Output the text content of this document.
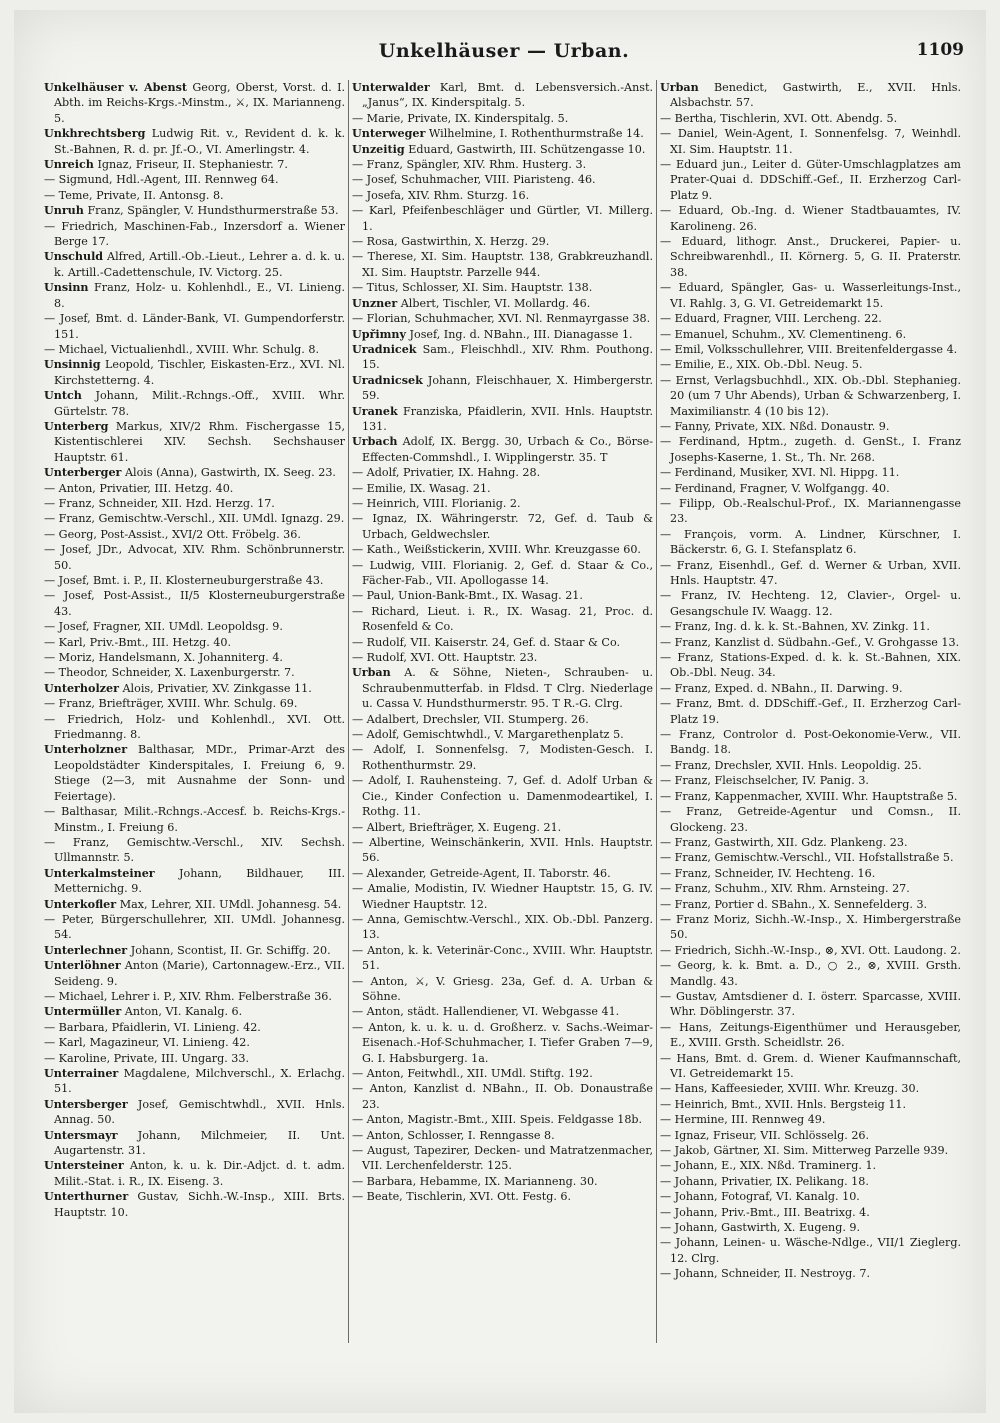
Unkelhäuser — Urban.	1109
Unkelhäuser v. Abenst Georg, Oberst, Vorst. d. I. Abth. im Reichs-Krgs.-Minstm., ⚔, IX. Marianneng. 5.
Unkhrechtsberg Ludwig Rit. v., Revident d. k. k. St.-Bahnen, R. d. pr. Jf.-O., VI. Amerlingstr. 4.
Unreich Ignaz, Friseur, II. Stephaniestr. 7.
— Sigmund, Hdl.-Agent, III. Rennweg 64.
— Teme, Private, II. Antonsg. 8.
Unruh Franz, Spängler, V. Hundsthurmerstraße 53.
— Friedrich, Maschinen-Fab., Inzersdorf a. Wiener Berge 17.
Unschuld Alfred, Artill.-Ob.-Lieut., Lehrer a. d. k. u. k. Artill.-Cadettenschule, IV. Victorg. 25.
Unsinn Franz, Holz- u. Kohlenhdl., E., VI. Linieng. 8.
— Josef, Bmt. d. Länder-Bank, VI. Gumpendorferstr. 151.
— Michael, Victualienhdl., XVIII. Whr. Schulg. 8.
Unsinnig Leopold, Tischler, Eiskasten-Erz., XVI. Nl. Kirchstetterng. 4.
Untch Johann, Milit.-Rchngs.-Off., XVIII. Whr. Gürtelstr. 78.
Unterberg Markus, XIV/2 Rhm. Fischergasse 15, Kistentischlerei XIV. Sechsh. Sechshauser Hauptstr. 61.
Unterberger Alois (Anna), Gastwirth, IX. Seeg. 23.
— Anton, Privatier, III. Hetzg. 40.
— Franz, Schneider, XII. Hzd. Herzg. 17.
— Franz, Gemischtw.-Verschl., XII. UMdl. Ignazg. 29.
— Georg, Post-Assist., XVI/2 Ott. Fröbelg. 36.
— Josef, JDr., Advocat, XIV. Rhm. Schönbrunnerstr. 50.
— Josef, Bmt. i. P., II. Klosterneuburgerstraße 43.
— Josef, Post-Assist., II/5 Klosterneuburgerstraße 43.
— Josef, Fragner, XII. UMdl. Leopoldsg. 9.
— Karl, Priv.-Bmt., III. Hetzg. 40.
— Moriz, Handelsmann, X. Johanniterg. 4.
— Theodor, Schneider, X. Laxenburgerstr. 7.
Unterholzer Alois, Privatier, XV. Zinkgasse 11.
— Franz, Briefträger, XVIII. Whr. Schulg. 69.
— Friedrich, Holz- und Kohlenhdl., XVI. Ott. Friedmanng. 8.
Unterholzner Balthasar, MDr., Primar-Arzt des Leopoldstädter Kinderspitales, I. Freiung 6, 9. Stiege (2—3, mit Ausnahme der Sonn- und Feiertage).
— Balthasar, Milit.-Rchngs.-Accesf. b. Reichs-Krgs.-Minstm., I. Freiung 6.
— Franz, Gemischtw.-Verschl., XIV. Sechsh. Ullmannstr. 5.
Unterkalmsteiner Johann, Bildhauer, III. Metternichg. 9.
Unterkofler Max, Lehrer, XII. UMdl. Johannesg. 54.
— Peter, Bürgerschullehrer, XII. UMdl. Johannesg. 54.
Unterlechner Johann, Scontist, II. Gr. Schiffg. 20.
Unterlöhner Anton (Marie), Cartonnagew.-Erz., VII. Seideng. 9.
— Michael, Lehrer i. P., XIV. Rhm. Felberstraße 36.
Untermüller Anton, VI. Kanalg. 6.
— Barbara, Pfaidlerin, VI. Linieng. 42.
— Karl, Magazineur, VI. Linieng. 42.
— Karoline, Private, III. Ungarg. 33.
Unterrainer Magdalene, Milchverschl., X. Erlachg. 51.
Untersberger Josef, Gemischtwhdl., XVII. Hnls. Annag. 50.
Untersmayr Johann, Milchmeier, II. Unt. Augartenstr. 31.
Untersteiner Anton, k. u. k. Dir.-Adjct. d. t. adm. Milit.-Stat. i. R., IX. Eiseng. 3.
Unterthurner Gustav, Sichh.-W.-Insp., XIII. Brts. Hauptstr. 10.
Unterwalder Karl, Bmt. d. Lebensversich.-Anst. „Janus“, IX. Kinderspitalg. 5.
— Marie, Private, IX. Kinderspitalg. 5.
Unterweger Wilhelmine, I. Rothenthurmstraße 14.
Unzeitig Eduard, Gastwirth, III. Schützengasse 10.
— Franz, Spängler, XIV. Rhm. Husterg. 3.
— Josef, Schuhmacher, VIII. Piaristeng. 46.
— Josefa, XIV. Rhm. Sturzg. 16.
— Karl, Pfeifenbeschläger und Gürtler, VI. Millerg. 1.
— Rosa, Gastwirthin, X. Herzg. 29.
— Therese, XI. Sim. Hauptstr. 138, Grabkreuzhandl. XI. Sim. Hauptstr. Parzelle 944.
— Titus, Schlosser, XI. Sim. Hauptstr. 138.
Unzner Albert, Tischler, VI. Mollardg. 46.
— Florian, Schuhmacher, XVI. Nl. Renmayrgasse 38.
Upřimny Josef, Ing. d. NBahn., III. Dianagasse 1.
Uradnicek Sam., Fleischhdl., XIV. Rhm. Pouthong. 15.
Uradnicsek Johann, Fleischhauer, X. Himbergerstr. 59.
Uranek Franziska, Pfaidlerin, XVII. Hnls. Hauptstr. 131.
Urbach Adolf, IX. Bergg. 30, Urbach & Co., Börse-Effecten-Commshdl., I. Wipplingerstr. 35. T
— Adolf, Privatier, IX. Hahng. 28.
— Emilie, IX. Wasag. 21.
— Heinrich, VIII. Florianig. 2.
— Ignaz, IX. Währingerstr. 72, Gef. d. Taub & Urbach, Geldwechsler.
— Kath., Weißstickerin, XVIII. Whr. Kreuzgasse 60.
— Ludwig, VIII. Florianig. 2, Gef. d. Staar & Co., Fächer-Fab., VII. Apollogasse 14.
— Paul, Union-Bank-Bmt., IX. Wasag. 21.
— Richard, Lieut. i. R., IX. Wasag. 21, Proc. d. Rosenfeld & Co.
— Rudolf, VII. Kaiserstr. 24, Gef. d. Staar & Co.
— Rudolf, XVI. Ott. Hauptstr. 23.
Urban A. & Söhne, Nieten-, Schrauben- u. Schraubenmutterfab. in Fldsd. T Clrg. Niederlage u. Cassa V. Hundsthurmerstr. 95. T R.-G. Clrg.
— Adalbert, Drechsler, VII. Stumperg. 26.
— Adolf, Gemischtwhdl., V. Margarethenplatz 5.
— Adolf, I. Sonnenfelsg. 7, Modisten-Gesch. I. Rothenthurmstr. 29.
— Adolf, I. Rauhensteing. 7, Gef. d. Adolf Urban & Cie., Kinder Confection u. Damenmodeartikel, I. Rothg. 11.
— Albert, Briefträger, X. Eugeng. 21.
— Albertine, Weinschänkerin, XVII. Hnls. Hauptstr. 56.
— Alexander, Getreide-Agent, II. Taborstr. 46.
— Amalie, Modistin, IV. Wiedner Hauptstr. 15, G. IV. Wiedner Hauptstr. 12.
— Anna, Gemischtw.-Verschl., XIX. Ob.-Dbl. Panzerg. 13.
— Anton, k. k. Veterinär-Conc., XVIII. Whr. Hauptstr. 51.
— Anton, ⚔, V. Griesg. 23a, Gef. d. A. Urban & Söhne.
— Anton, städt. Hallendiener, VI. Webgasse 41.
— Anton, k. u. k. u. d. Großherz. v. Sachs.-Weimar-Eisenach.-Hof-Schuhmacher, I. Tiefer Graben 7—9, G. I. Habsburgerg. 1a.
— Anton, Feitwhdl., XII. UMdl. Stiftg. 192.
— Anton, Kanzlist d. NBahn., II. Ob. Donaustraße 23.
— Anton, Magistr.-Bmt., XIII. Speis. Feldgasse 18b.
— Anton, Schlosser, I. Renngasse 8.
— August, Tapezirer, Decken- und Matratzenmacher, VII. Lerchenfelderstr. 125.
— Barbara, Hebamme, IX. Marianneng. 30.
— Beate, Tischlerin, XVI. Ott. Festg. 6.
Urban Benedict, Gastwirth, E., XVII. Hnls. Alsbachstr. 57.
— Bertha, Tischlerin, XVI. Ott. Abendg. 5.
— Daniel, Wein-Agent, I. Sonnenfelsg. 7, Weinhdl. XI. Sim. Hauptstr. 11.
— Eduard jun., Leiter d. Güter-Umschlagplatzes am Prater-Quai d. DDSchiff.-Gef., II. Erzherzog Carl-Platz 9.
— Eduard, Ob.-Ing. d. Wiener Stadtbauamtes, IV. Karolineng. 26.
— Eduard, lithogr. Anst., Druckerei, Papier- u. Schreibwarenhdl., II. Körnerg. 5, G. II. Praterstr. 38.
— Eduard, Spängler, Gas- u. Wasserleitungs-Inst., VI. Rahlg. 3, G. VI. Getreidemarkt 15.
— Eduard, Fragner, VIII. Lercheng. 22.
— Emanuel, Schuhm., XV. Clementineng. 6.
— Emil, Volksschullehrer, VIII. Breitenfeldergasse 4.
— Emilie, E., XIX. Ob.-Dbl. Neug. 5.
— Ernst, Verlagsbuchhdl., XIX. Ob.-Dbl. Stephanieg. 20 (um 7 Uhr Abends), Urban & Schwarzenberg, I. Maximilianstr. 4 (10 bis 12).
— Fanny, Private, XIX. Nßd. Donaustr. 9.
— Ferdinand, Hptm., zugeth. d. GenSt., I. Franz Josephs-Kaserne, 1. St., Th. Nr. 268.
— Ferdinand, Musiker, XVI. Nl. Hippg. 11.
— Ferdinand, Fragner, V. Wolfgangg. 40.
— Filipp, Ob.-Realschul-Prof., IX. Mariannengasse 23.
— François, vorm. A. Lindner, Kürschner, I. Bäckerstr. 6, G. I. Stefansplatz 6.
— Franz, Eisenhdl., Gef. d. Werner & Urban, XVII. Hnls. Hauptstr. 47.
— Franz, IV. Hechteng. 12, Clavier-, Orgel- u. Gesangschule IV. Waagg. 12.
— Franz, Ing. d. k. k. St.-Bahnen, XV. Zinkg. 11.
— Franz, Kanzlist d. Südbahn.-Gef., V. Grohgasse 13.
— Franz, Stations-Exped. d. k. k. St.-Bahnen, XIX. Ob.-Dbl. Neug. 34.
— Franz, Exped. d. NBahn., II. Darwing. 9.
— Franz, Bmt. d. DDSchiff.-Gef., II. Erzherzog Carl-Platz 19.
— Franz, Controlor d. Post-Oekonomie-Verw., VII. Bandg. 18.
— Franz, Drechsler, XVII. Hnls. Leopoldig. 25.
— Franz, Fleischselcher, IV. Panig. 3.
— Franz, Kappenmacher, XVIII. Whr. Hauptstraße 5.
— Franz, Getreide-Agentur und Comsn., II. Glockeng. 23.
— Franz, Gastwirth, XII. Gdz. Plankeng. 23.
— Franz, Gemischtw.-Verschl., VII. Hofstallstraße 5.
— Franz, Schneider, IV. Hechteng. 16.
— Franz, Schuhm., XIV. Rhm. Arnsteing. 27.
— Franz, Portier d. SBahn., X. Sennefelderg. 3.
— Franz Moriz, Sichh.-W.-Insp., X. Himbergerstraße 50.
— Friedrich, Sichh.-W.-Insp., ⊗, XVI. Ott. Laudong. 2.
— Georg, k. k. Bmt. a. D., ○ 2., ⊗, XVIII. Grsth. Mandlg. 43.
— Gustav, Amtsdiener d. I. österr. Sparcasse, XVIII. Whr. Döblingerstr. 37.
— Hans, Zeitungs-Eigenthümer und Herausgeber, E., XVIII. Grsth. Scheidlstr. 26.
— Hans, Bmt. d. Grem. d. Wiener Kaufmannschaft, VI. Getreidemarkt 15.
— Hans, Kaffeesieder, XVIII. Whr. Kreuzg. 30.
— Heinrich, Bmt., XVII. Hnls. Bergsteig 11.
— Hermine, III. Rennweg 49.
— Ignaz, Friseur, VII. Schlösselg. 26.
— Jakob, Gärtner, XI. Sim. Mitterweg Parzelle 939.
— Johann, E., XIX. Nßd. Traminerg. 1.
— Johann, Privatier, IX. Pelikang. 18.
— Johann, Fotograf, VI. Kanalg. 10.
— Johann, Priv.-Bmt., III. Beatrixg. 4.
— Johann, Gastwirth, X. Eugeng. 9.
— Johann, Leinen- u. Wäsche-Ndlge., VII/1 Zieglerg. 12. Clrg.
— Johann, Schneider, II. Nestroyg. 7.
